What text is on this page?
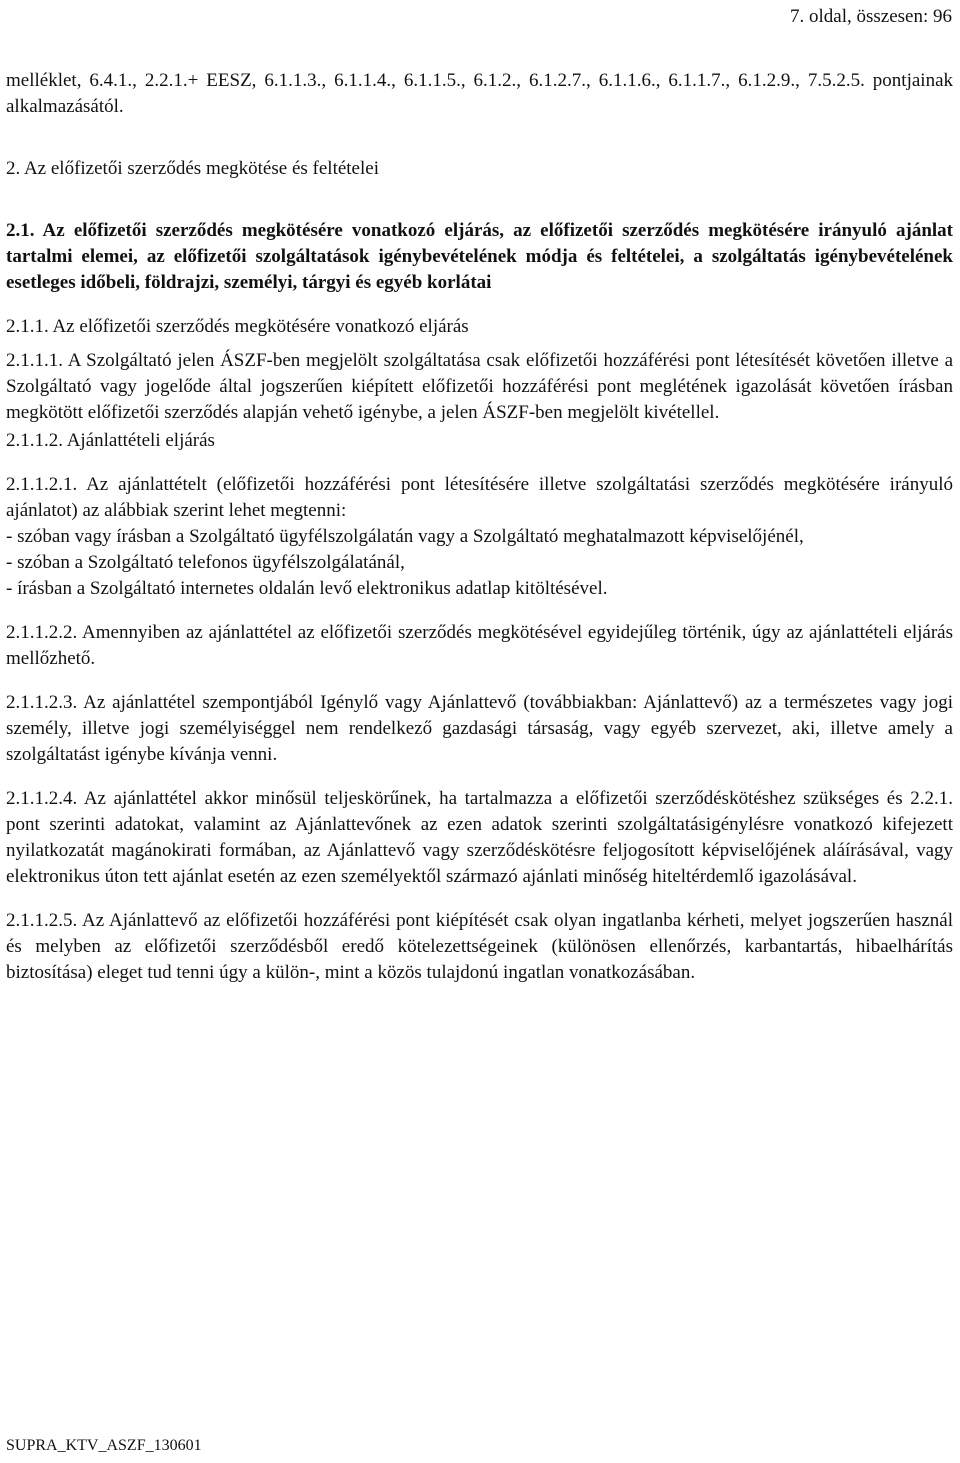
7. oldal, összesen: 96

melléklet, 6.4.1., 2.2.1.+ EESZ, 6.1.1.3., 6.1.1.4., 6.1.1.5., 6.1.2., 6.1.2.7., 6.1.1.6., 6.1.1.7., 6.1.2.9., 7.5.2.5. pontjainak alkalmazásától.

2. Az előfizetői szerződés megkötése és feltételei

2.1. Az előfizetői szerződés megkötésére vonatkozó eljárás, az előfizetői szerződés megkötésére irányuló ajánlat tartalmi elemei, az előfizetői szolgáltatások igénybevételének módja és feltételei, a szolgáltatás igénybevételének esetleges időbeli, földrajzi, személyi, tárgyi és egyéb korlátai

2.1.1. Az előfizetői szerződés megkötésére vonatkozó eljárás

2.1.1.1. A Szolgáltató jelen ÁSZF-ben megjelölt szolgáltatása csak előfizetői hozzáférési pont létesítését követően illetve a Szolgáltató vagy jogelőde által jogszerűen kiépített előfizetői hozzáférési pont meglétének igazolását követően írásban megkötött előfizetői szerződés alapján vehető igénybe, a jelen ÁSZF-ben megjelölt kivétellel.

2.1.1.2. Ajánlattételi eljárás

2.1.1.2.1. Az ajánlattételt (előfizetői hozzáférési pont létesítésére illetve szolgáltatási szerződés megkötésére irányuló ajánlatot) az alábbiak szerint lehet megtenni:

- szóban vagy írásban a Szolgáltató ügyfélszolgálatán vagy a Szolgáltató meghatalmazott képviselőjénél,
- szóban a Szolgáltató telefonos ügyfélszolgálatánál,
- írásban a Szolgáltató internetes oldalán levő elektronikus adatlap kitöltésével.

2.1.1.2.2. Amennyiben az ajánlattétel az előfizetői szerződés megkötésével egyidejűleg történik, úgy az ajánlattételi eljárás mellőzhető.

2.1.1.2.3. Az ajánlattétel szempontjából Igénylő vagy Ajánlattevő (továbbiakban: Ajánlattevő) az a természetes vagy jogi személy, illetve jogi személyiséggel nem rendelkező gazdasági társaság, vagy egyéb szervezet, aki, illetve amely a szolgáltatást igénybe kívánja venni.

2.1.1.2.4. Az ajánlattétel akkor minősül teljeskörűnek, ha tartalmazza a előfizetői szerződéskötéshez szükséges és 2.2.1. pont szerinti adatokat, valamint az Ajánlattevőnek az ezen adatok szerinti szolgáltatásigénylésre vonatkozó kifejezett nyilatkozatát magánokirati formában, az Ajánlattevő vagy szerződéskötésre feljogosított képviselőjének aláírásával, vagy elektronikus úton tett ajánlat esetén az ezen személyektől származó ajánlati minőség hiteltérdemlő igazolásával.

2.1.1.2.5. Az Ajánlattevő az előfizetői hozzáférési pont kiépítését csak olyan ingatlanba kérheti, melyet jogszerűen használ és melyben az előfizetői szerződésből eredő kötelezettségeinek (különösen ellenőrzés, karbantartás, hibaelhárítás biztosítása) eleget tud tenni úgy a külön-, mint a közös tulajdonú ingatlan vonatkozásában.

SUPRA_KTV_ASZF_130601
